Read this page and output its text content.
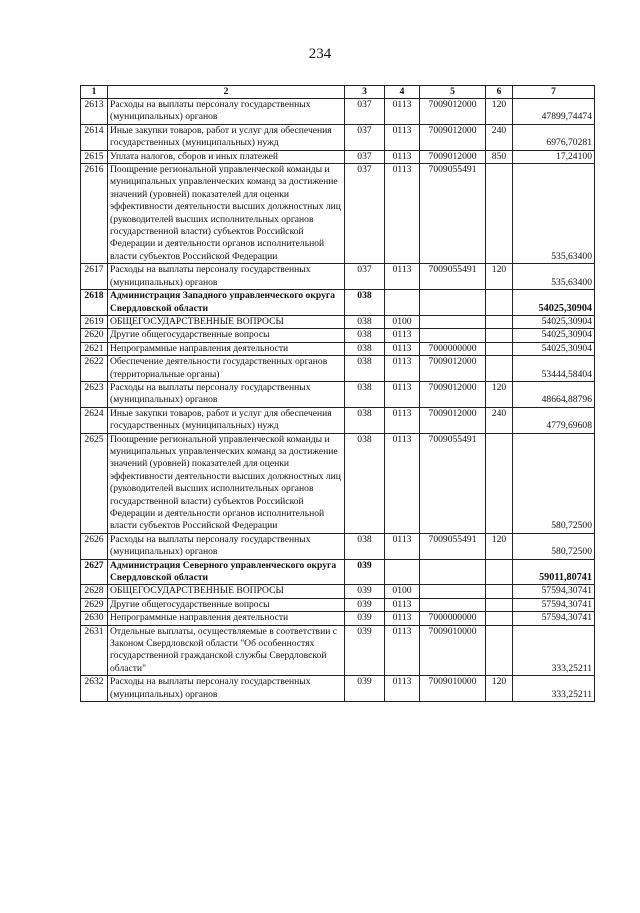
234
1	2	3	4	5	6	7
2613	Расходы на выплаты персоналу государственных (муниципальных) органов	037	0113	7009012000	120	47899,74474
2614	Иные закупки товаров, работ и услуг для обеспечения государственных (муниципальных) нужд	037	0113	7009012000	240	6976,70281
2615	Уплата налогов, сборов и иных платежей	037	0113	7009012000	850	17,24100
2616	Поощрение региональной управленческой команды и муниципальных управленческих команд за достижение значений (уровней) показателей для оценки эффективности деятельности высших должностных лиц (руководителей высших исполнительных органов государственной власти) субъектов Российской Федерации и деятельности органов исполнительной власти субъектов Российской Федерации	037	0113	7009055491		535,63400
2617	Расходы на выплаты персоналу государственных (муниципальных) органов	037	0113	7009055491	120	535,63400
2618	Администрация Западного управленческого округа Свердловской области	038				54025,30904
2619	ОБЩЕГОСУДАРСТВЕННЫЕ ВОПРОСЫ	038	0100			54025,30904
2620	Другие общегосударственные вопросы	038	0113			54025,30904
2621	Непрограммные направления деятельности	038	0113	7000000000		54025,30904
2622	Обеспечение деятельности государственных органов (территориальные органы)	038	0113	7009012000		53444,58404
2623	Расходы на выплаты персоналу государственных (муниципальных) органов	038	0113	7009012000	120	48664,88796
2624	Иные закупки товаров, работ и услуг для обеспечения государственных (муниципальных) нужд	038	0113	7009012000	240	4779,69608
2625	Поощрение региональной управленческой команды и муниципальных управленческих команд за достижение значений (уровней) показателей для оценки эффективности деятельности высших должностных лиц (руководителей высших исполнительных органов государственной власти) субъектов Российской Федерации и деятельности органов исполнительной власти субъектов Российской Федерации	038	0113	7009055491		580,72500
2626	Расходы на выплаты персоналу государственных (муниципальных) органов	038	0113	7009055491	120	580,72500
2627	Администрация Северного управленческого округа Свердловской области	039				59011,80741
2628	ОБЩЕГОСУДАРСТВЕННЫЕ ВОПРОСЫ	039	0100			57594,30741
2629	Другие общегосударственные вопросы	039	0113			57594,30741
2630	Непрограммные направления деятельности	039	0113	7000000000		57594,30741
2631	Отдельные выплаты, осуществляемые в соответствии с Законом Свердловской области "Об особенностях государственной гражданской службы Свердловской области"	039	0113	7009010000		333,25211
2632	Расходы на выплаты персоналу государственных (муниципальных) органов	039	0113	7009010000	120	333,25211
